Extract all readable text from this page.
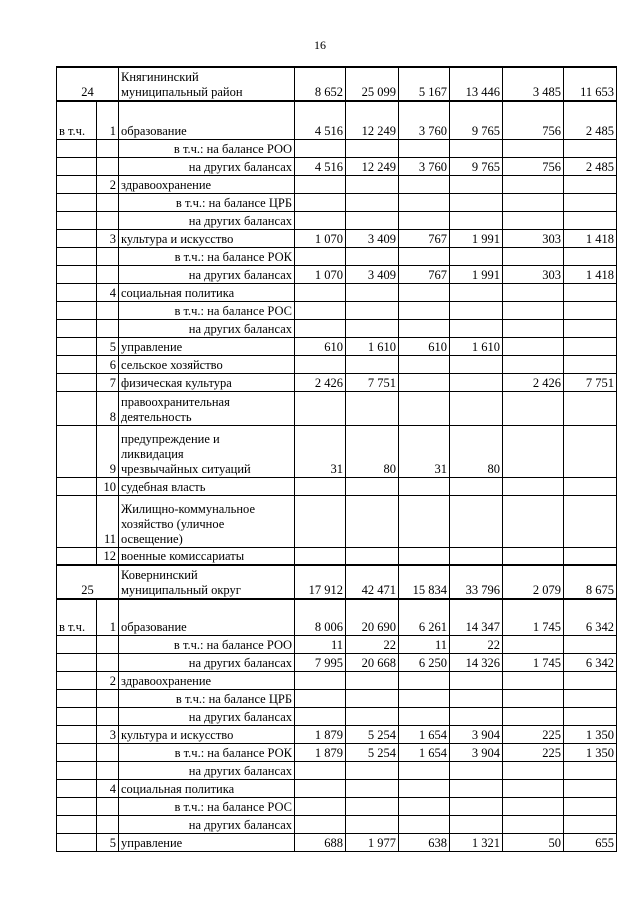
16
24		Княгининский
муниципальный район	8 652	25 099	5 167	13 446	3 485	11 653
в т.ч.	1	образование	4 516	12 249	3 760	9 765	756	2 485
		в т.ч.: на балансе РОО						
		на других балансах	4 516	12 249	3 760	9 765	756	2 485
	2	здравоохранение						
		в т.ч.: на балансе ЦРБ						
		на других балансах						
	3	культура и искусство	1 070	3 409	767	1 991	303	1 418
		в т.ч.: на балансе РОК						
		на других балансах	1 070	3 409	767	1 991	303	1 418
	4	социальная политика						
		в т.ч.: на балансе РОС						
		на других балансах						
	5	управление	610	1 610	610	1 610		
	6	сельское хозяйство						
	7	физическая культура	2 426	7 751			2 426	7 751
	8	правоохранительная
деятельность						
	9	предупреждение и
ликвидация
чрезвычайных ситуаций	31	80	31	80		
	10	судебная власть						
	11	Жилищно-коммунальное
хозяйство (уличное
освещение)						
	12	военные комиссариаты						
25		Ковернинский
муниципальный округ	17 912	42 471	15 834	33 796	2 079	8 675
в т.ч.	1	образование	8 006	20 690	6 261	14 347	1 745	6 342
		в т.ч.: на балансе РОО	11	22	11	22		
		на других балансах	7 995	20 668	6 250	14 326	1 745	6 342
	2	здравоохранение						
		в т.ч.: на балансе ЦРБ						
		на других балансах						
	3	культура и искусство	1 879	5 254	1 654	3 904	225	1 350
		в т.ч.: на балансе РОК	1 879	5 254	1 654	3 904	225	1 350
		на других балансах						
	4	социальная политика						
		в т.ч.: на балансе РОС						
		на других балансах						
	5	управление	688	1 977	638	1 321	50	655
